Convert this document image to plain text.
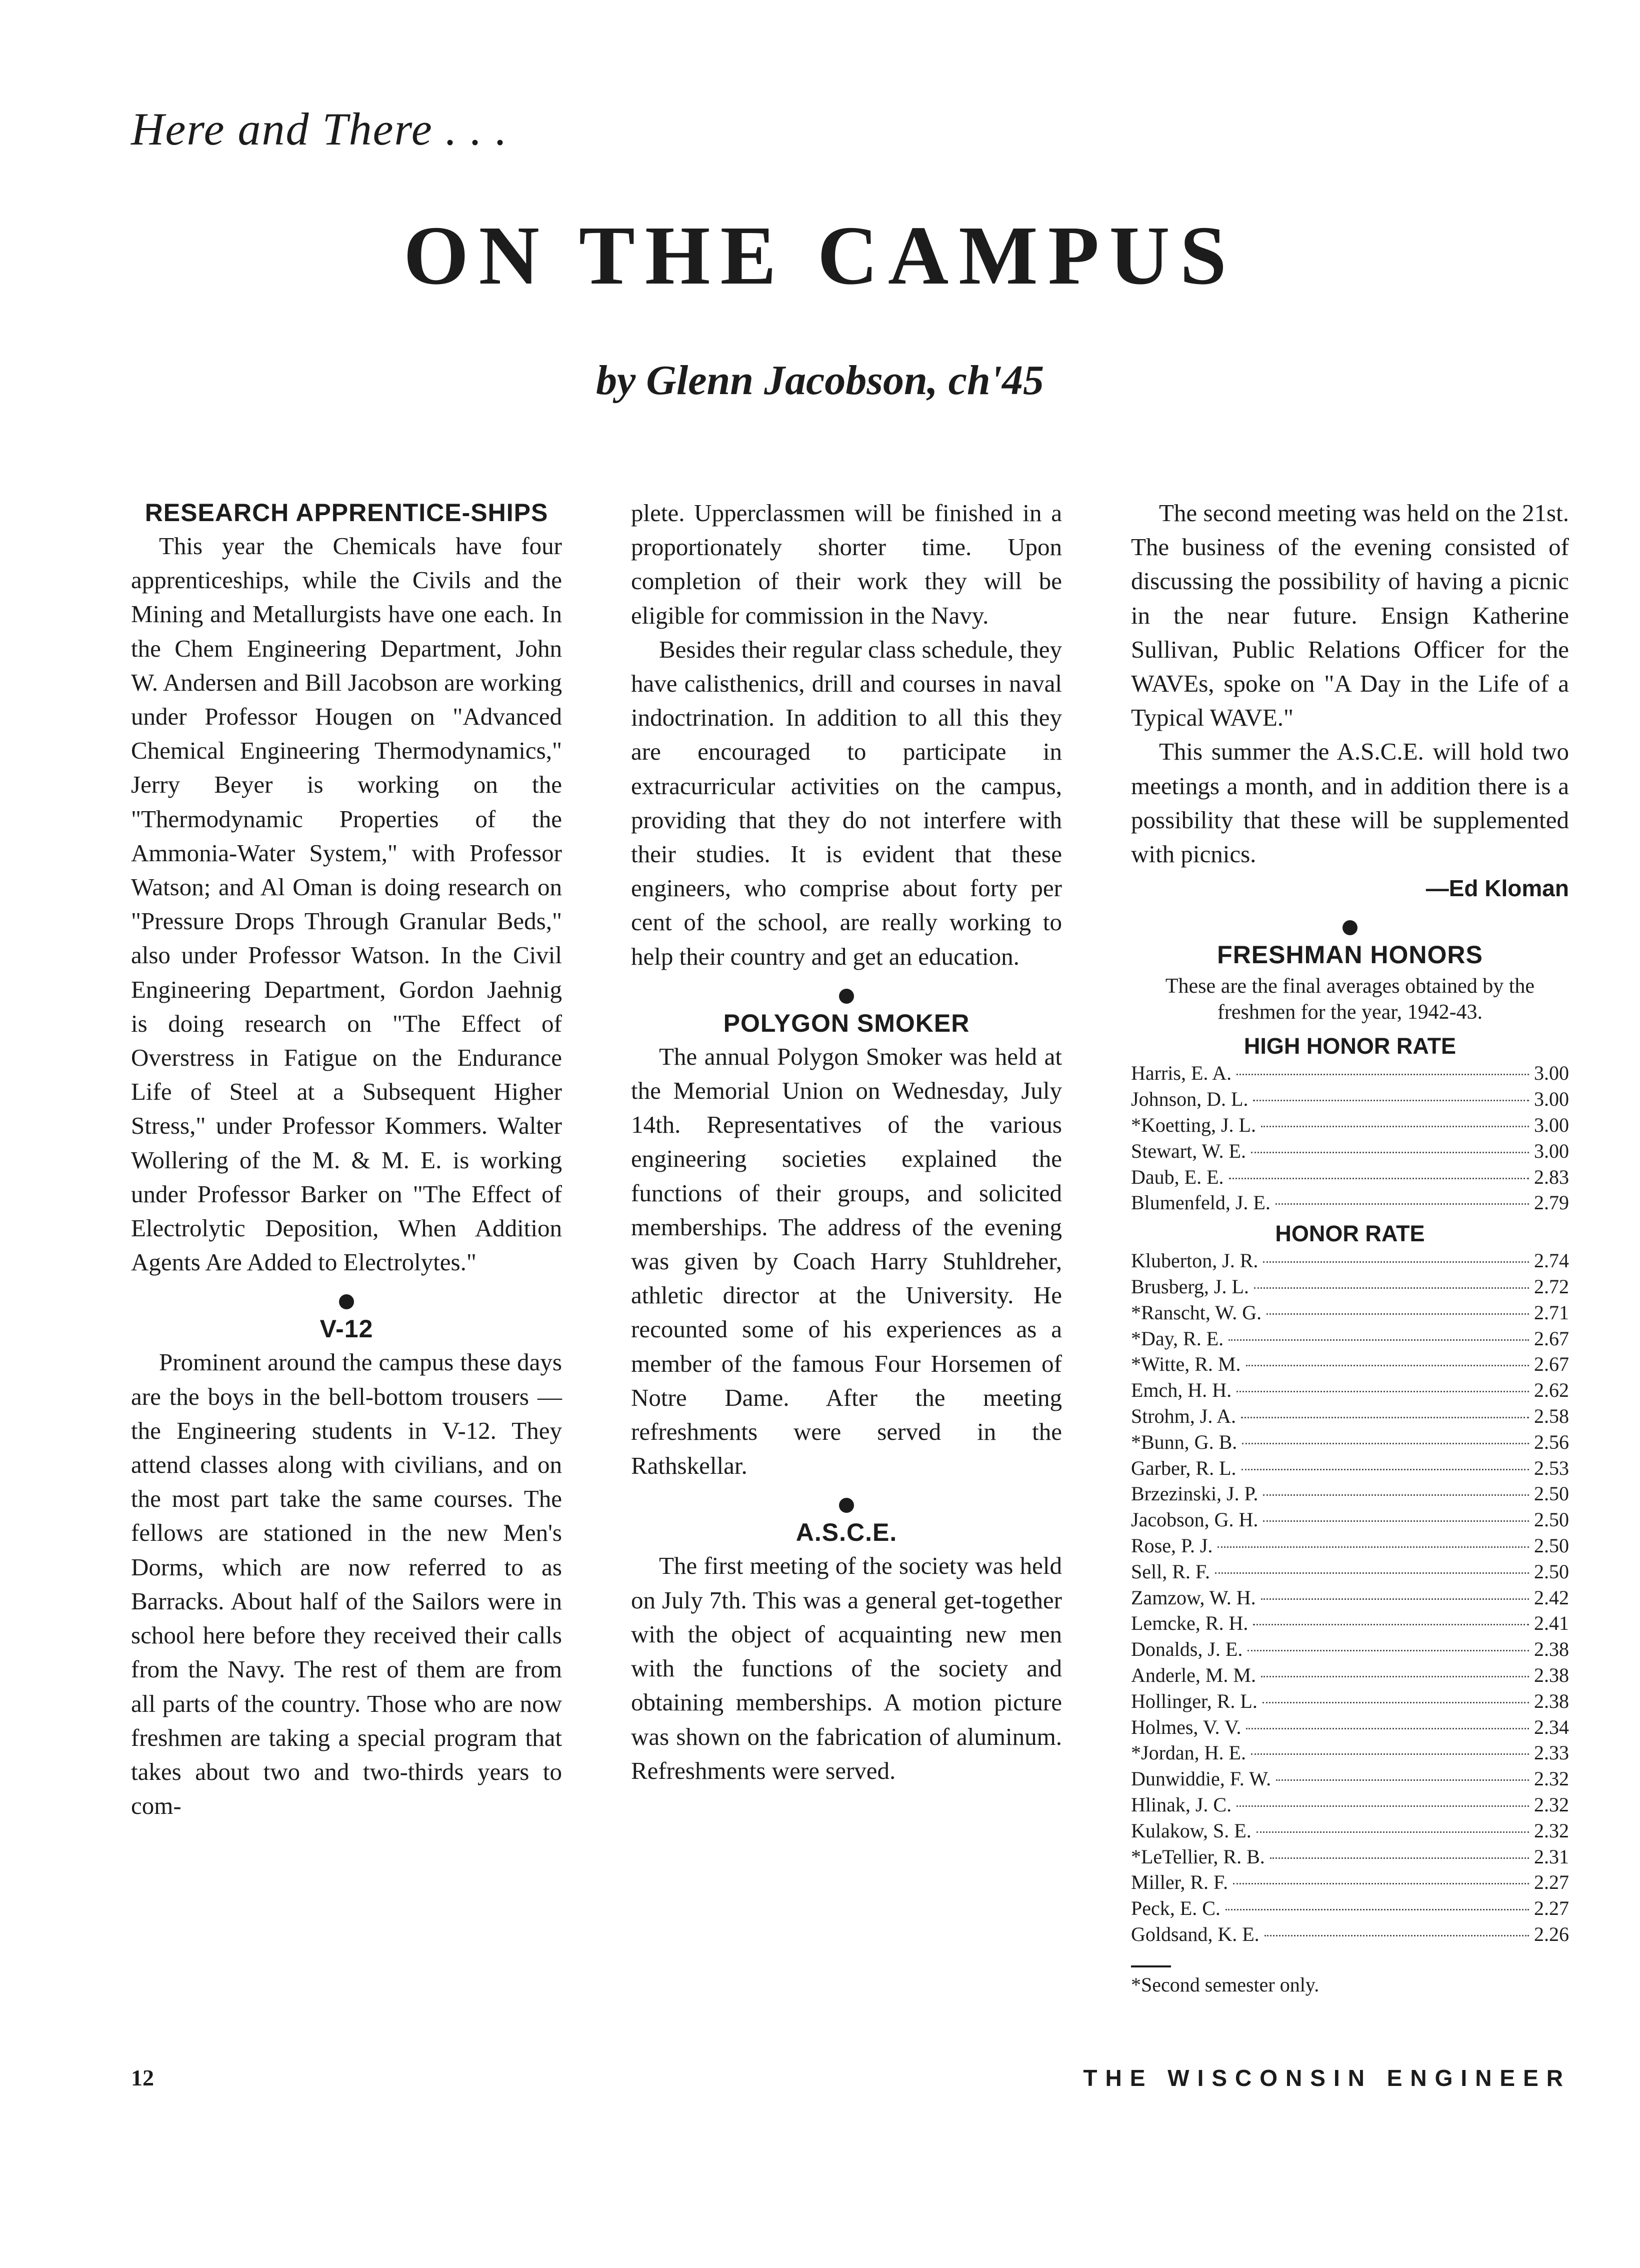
Here and There . . .
ON THE CAMPUS
by Glenn Jacobson, ch'45
RESEARCH APPRENTICE-SHIPS

This year the Chemicals have four apprenticeships, while the Civils and the Mining and Metallurgists have one each. In the Chem Engineering Department, John W. Andersen and Bill Jacobson are working under Professor Hougen on "Advanced Chemical Engineering Thermodynamics," Jerry Beyer is working on the "Thermodynamic Properties of the Ammonia-Water System," with Professor Watson; and Al Oman is doing research on "Pressure Drops Through Granular Beds," also under Professor Watson. In the Civil Engineering Department, Gordon Jaehnig is doing research on "The Effect of Overstress in Fatigue on the Endurance Life of Steel at a Subsequent Higher Stress," under Professor Kommers. Walter Wollering of the M. & M. E. is working under Professor Barker on "The Effect of Electrolytic Deposition, When Addition Agents Are Added to Electrolytes."

V-12

Prominent around the campus these days are the boys in the bell-bottom trousers — the Engineering students in V-12. They attend classes along with civilians, and on the most part take the same courses. The fellows are stationed in the new Men's Dorms, which are now referred to as Barracks. About half of the Sailors were in school here before they received their calls from the Navy. The rest of them are from all parts of the country. Those who are now freshmen are taking a special program that takes about two and two-thirds years to com-

plete. Upperclassmen will be finished in a proportionately shorter time. Upon completion of their work they will be eligible for commission in the Navy.

Besides their regular class schedule, they have calisthenics, drill and courses in naval indoctrination. In addition to all this they are encouraged to participate in extracurricular activities on the campus, providing that they do not interfere with their studies. It is evident that these engineers, who comprise about forty per cent of the school, are really working to help their country and get an education.

POLYGON SMOKER

The annual Polygon Smoker was held at the Memorial Union on Wednesday, July 14th. Representatives of the various engineering societies explained the functions of their groups, and solicited memberships. The address of the evening was given by Coach Harry Stuhldreher, athletic director at the University. He recounted some of his experiences as a member of the famous Four Horsemen of Notre Dame. After the meeting refreshments were served in the Rathskellar.

A.S.C.E.

The first meeting of the society was held on July 7th. This was a general get-together with the object of acquainting new men with the functions of the society and obtaining memberships. A motion picture was shown on the fabrication of aluminum. Refreshments were served.

The second meeting was held on the 21st. The business of the evening consisted of discussing the possibility of having a picnic in the near future. Ensign Katherine Sullivan, Public Relations Officer for the WAVEs, spoke on "A Day in the Life of a Typical WAVE."

This summer the A.S.C.E. will hold two meetings a month, and in addition there is a possibility that these will be supplemented with picnics.

—Ed Kloman
FRESHMAN HONORS
These are the final averages obtained by the freshmen for the year, 1942-43.
HIGH HONOR RATE
Harris, E. A.	3.00
Johnson, D. L.	3.00
*Koetting, J. L.	3.00
Stewart, W. E.	3.00
Daub, E. E.	2.83
Blumenfeld, J. E.	2.79
HONOR RATE
Kluberton, J. R.	2.74
Brusberg, J. L.	2.72
*Ranscht, W. G.	2.71
*Day, R. E.	2.67
*Witte, R. M.	2.67
Emch, H. H.	2.62
Strohm, J. A.	2.58
*Bunn, G. B.	2.56
Garber, R. L.	2.53
Brzezinski, J. P.	2.50
Jacobson, G. H.	2.50
Rose, P. J.	2.50
Sell, R. F.	2.50
Zamzow, W. H.	2.42
Lemcke, R. H.	2.41
Donalds, J. E.	2.38
Anderle, M. M.	2.38
Hollinger, R. L.	2.38
Holmes, V. V.	2.34
*Jordan, H. E.	2.33
Dunwiddie, F. W.	2.32
Hlinak, J. C.	2.32
Kulakow, S. E.	2.32
*LeTellier, R. B.	2.31
Miller, R. F.	2.27
Peck, E. C.	2.27
Goldsand, K. E.	2.26
*Second semester only.
12	THE WISCONSIN ENGINEER
